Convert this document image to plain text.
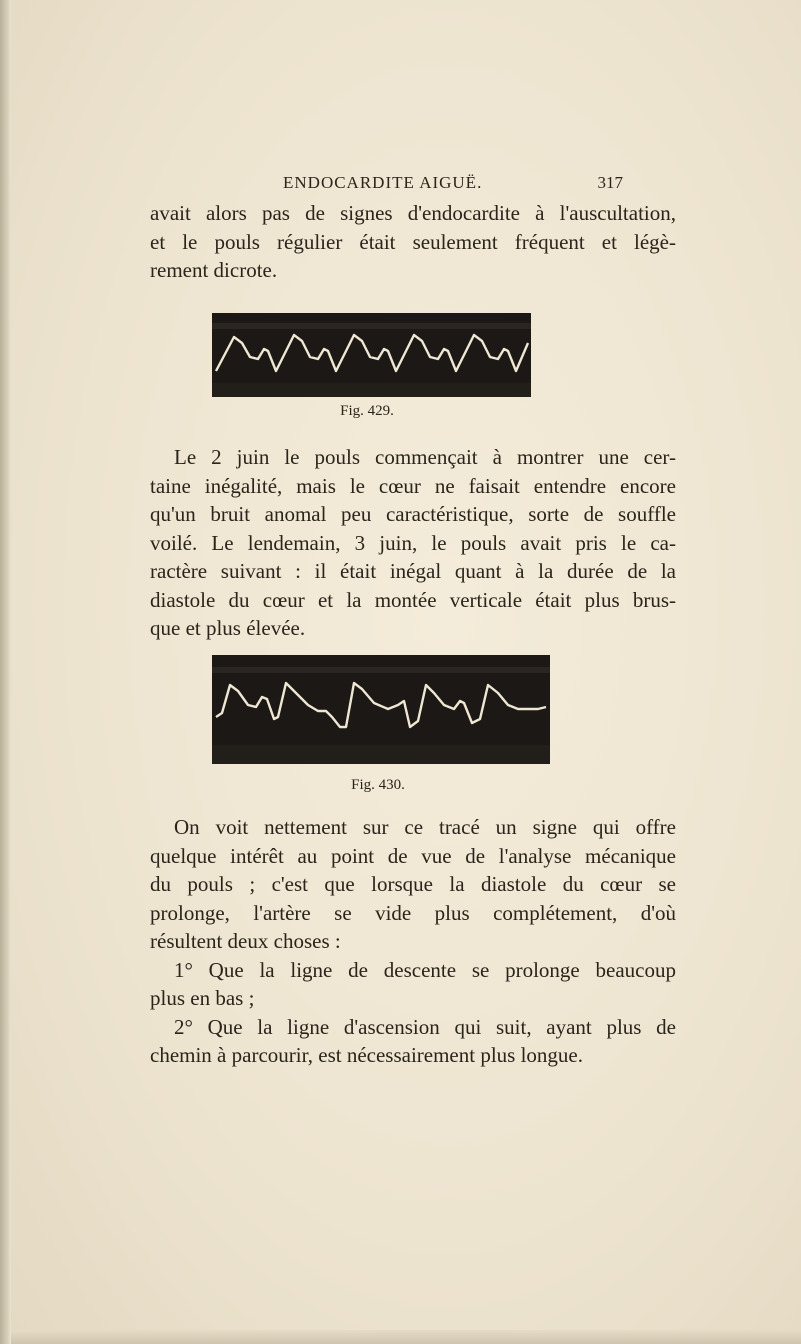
ENDOCARDITE AIGUË.	317

avait alors pas de signes d'endocardite à l'auscultation,
et le pouls régulier était seulement fréquent et légè-
rement dicrote.

Fig. 429.

Le 2 juin le pouls commençait à montrer une cer-
taine inégalité, mais le cœur ne faisait entendre encore
qu'un bruit anomal peu caractéristique, sorte de souffle
voilé. Le lendemain, 3 juin, le pouls avait pris le ca-
ractère suivant : il était inégal quant à la durée de la
diastole du cœur et la montée verticale était plus brus-
que et plus élevée.

Fig. 430.

On voit nettement sur ce tracé un signe qui offre
quelque intérêt au point de vue de l'analyse mécanique
du pouls ; c'est que lorsque la diastole du cœur se
prolonge, l'artère se vide plus complétement, d'où
résultent deux choses :
1° Que la ligne de descente se prolonge beaucoup
plus en bas ;
2° Que la ligne d'ascension qui suit, ayant plus de
chemin à parcourir, est nécessairement plus longue.
